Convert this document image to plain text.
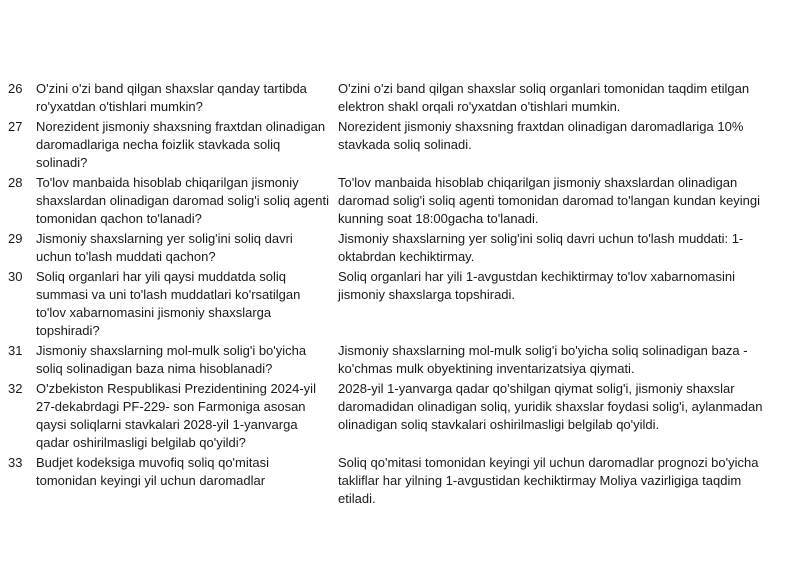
26	O'zini o'zi band qilgan shaxslar qanday tartibda ro'yxatdan o'tishlari mumkin?	O'zini o'zi band qilgan shaxslar soliq organlari tomonidan taqdim etilgan elektron shakl orqali ro'yxatdan o'tishlari mumkin.
27	Norezident jismoniy shaxsning fraxtdan olinadigan daromadlariga necha foizlik stavkada soliq solinadi?	Norezident jismoniy shaxsning fraxtdan olinadigan daromadlariga 10% stavkada soliq solinadi.
28	To'lov manbaida hisoblab chiqarilgan jismoniy shaxslardan olinadigan daromad solig'i soliq agenti tomonidan qachon to'lanadi?	To'lov manbaida hisoblab chiqarilgan jismoniy shaxslardan olinadigan daromad solig'i soliq agenti tomonidan daromad to'langan kundan keyingi kunning soat 18:00gacha to'lanadi.
29	Jismoniy shaxslarning yer solig'ini soliq davri uchun to'lash muddati qachon?	Jismoniy shaxslarning yer solig'ini soliq davri uchun to'lash muddati: 1-oktabrdan kechiktirmay.
30	Soliq organlari har yili qaysi muddatda soliq summasi va uni to'lash muddatlari ko'rsatilgan to'lov xabarnomasini jismoniy shaxslarga topshiradi?	Soliq organlari har yili 1-avgustdan kechiktirmay to'lov xabarnomasini jismoniy shaxslarga topshiradi.
31	Jismoniy shaxslarning mol-mulk solig'i bo'yicha soliq solinadigan baza nima hisoblanadi?	Jismoniy shaxslarning mol-mulk solig'i bo'yicha soliq solinadigan baza - ko'chmas mulk obyektining inventarizatsiya qiymati.
32	O'zbekiston Respublikasi Prezidentining 2024-yil 27-dekabrdagi PF-229- son Farmoniga asosan qaysi soliqlarni stavkalari 2028-yil 1-yanvarga qadar oshirilmasligi belgilab qo'yildi?	2028-yil 1-yanvarga qadar qo'shilgan qiymat solig'i, jismoniy shaxslar daromadidan olinadigan soliq, yuridik shaxslar foydasi solig'i, aylanmadan olinadigan soliq stavkalari oshirilmasligi belgilab qo'yildi.
33	Budjet kodeksiga muvofiq soliq qo'mitasi tomonidan keyingi yil uchun daromadlar	Soliq qo'mitasi tomonidan keyingi yil uchun daromadlar prognozi bo'yicha takliflar har yilning 1-avgustidan kechiktirmay Moliya vazirligiga taqdim etiladi.
